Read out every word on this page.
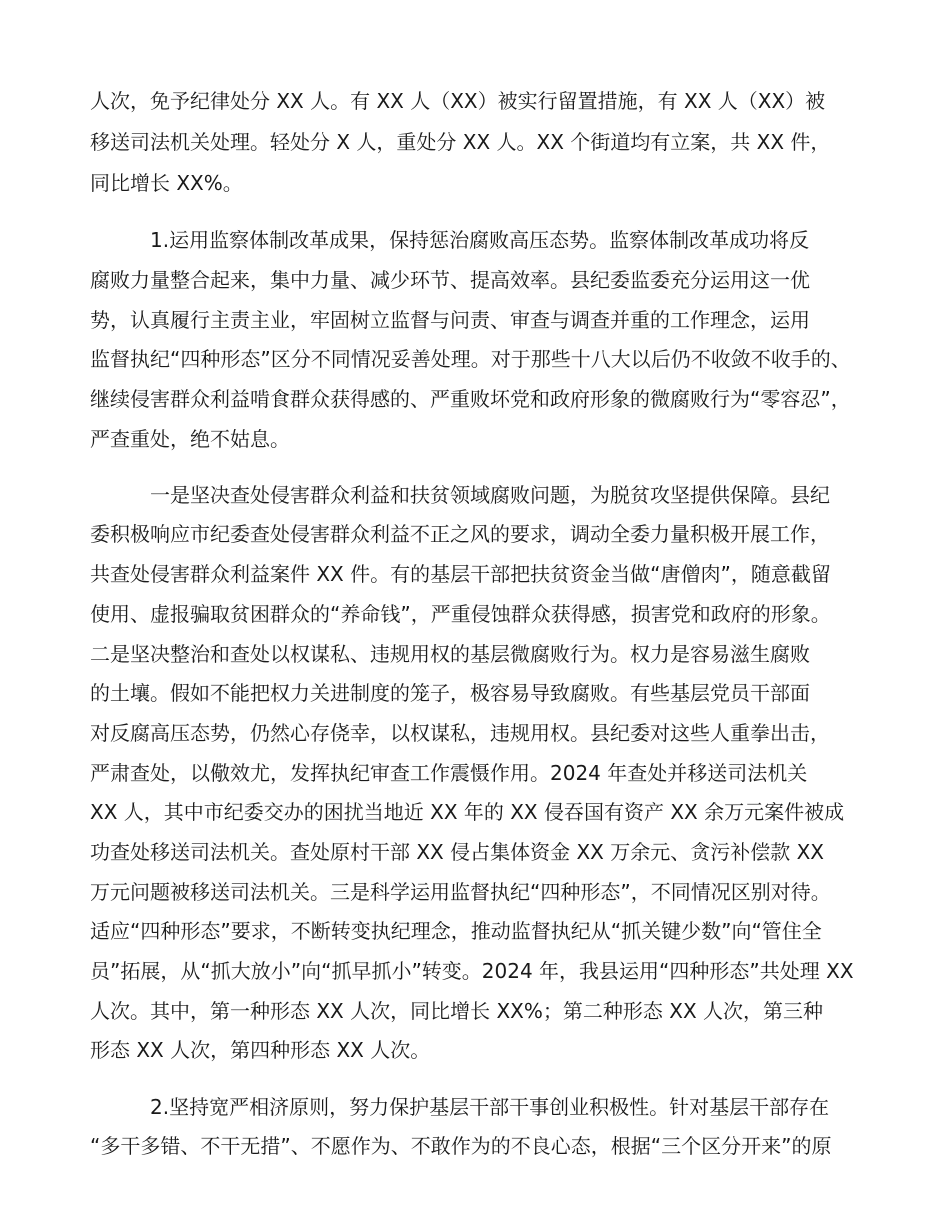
人次，免予纪律处分 XX 人。有 XX 人（XX）被实行留置措施，有 XX 人（XX）被
移送司法机关处理。轻处分 X 人，重处分 XX 人。XX 个街道均有立案，共 XX 件，
同比增长 XX%。
1.运用监察体制改革成果，保持惩治腐败高压态势。监察体制改革成功将反
腐败力量整合起来，集中力量、减少环节、提高效率。县纪委监委充分运用这一优
势，认真履行主责主业，牢固树立监督与问责、审查与调查并重的工作理念，运用
监督执纪“四种形态”区分不同情况妥善处理。对于那些十八大以后仍不收敛不收手的、
继续侵害群众利益啃食群众获得感的、严重败坏党和政府形象的微腐败行为“零容忍”，
严查重处，绝不姑息。
一是坚决查处侵害群众利益和扶贫领域腐败问题，为脱贫攻坚提供保障。县纪
委积极响应市纪委查处侵害群众利益不正之风的要求，调动全委力量积极开展工作，
共查处侵害群众利益案件 XX 件。有的基层干部把扶贫资金当做“唐僧肉”，随意截留
使用、虚报骗取贫困群众的“养命钱”，严重侵蚀群众获得感，损害党和政府的形象。
二是坚决整治和查处以权谋私、违规用权的基层微腐败行为。权力是容易滋生腐败
的土壤。假如不能把权力关进制度的笼子，极容易导致腐败。有些基层党员干部面
对反腐高压态势，仍然心存侥幸，以权谋私，违规用权。县纪委对这些人重拳出击，
严肃查处，以儆效尤，发挥执纪审查工作震慑作用。2024 年查处并移送司法机关
XX 人，其中市纪委交办的困扰当地近 XX 年的 XX 侵吞国有资产 XX 余万元案件被成
功查处移送司法机关。查处原村干部 XX 侵占集体资金 XX 万余元、贪污补偿款 XX
万元问题被移送司法机关。三是科学运用监督执纪“四种形态”，不同情况区别对待。
适应“四种形态”要求，不断转变执纪理念，推动监督执纪从“抓关键少数”向“管住全
员”拓展，从“抓大放小”向“抓早抓小”转变。2024 年，我县运用“四种形态”共处理 XX
人次。其中，第一种形态 XX 人次，同比增长 XX%；第二种形态 XX 人次，第三种
形态 XX 人次，第四种形态 XX 人次。
2.坚持宽严相济原则，努力保护基层干部干事创业积极性。针对基层干部存在
“多干多错、不干无措”、不愿作为、不敢作为的不良心态，根据“三个区分开来”的原
